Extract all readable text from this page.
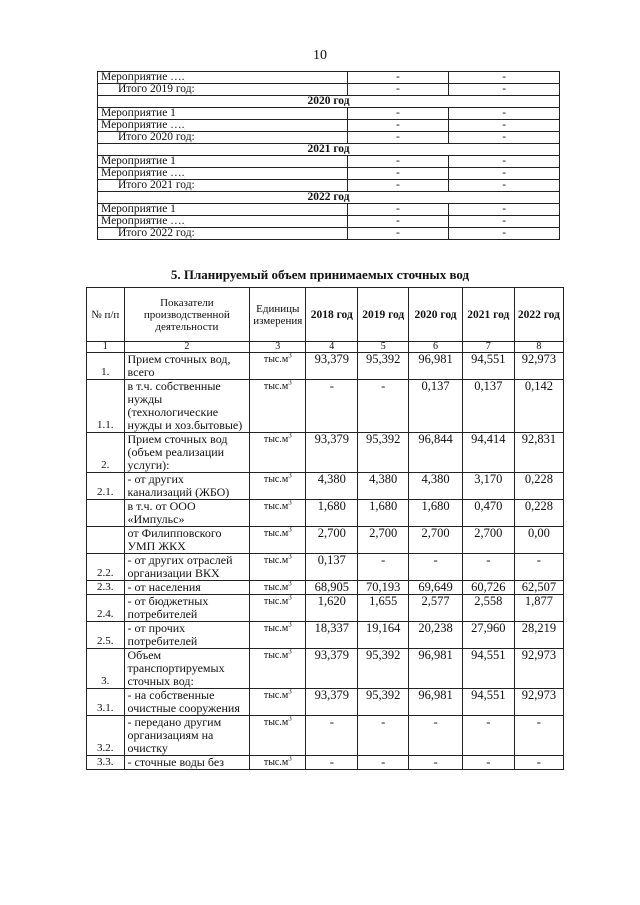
10
Мероприятие ….	-	-
Итого 2019 год:	-	-
2020 год		
Мероприятие 1	-	-
Мероприятие ….	-	-
Итого 2020 год:	-	-
2021 год		
Мероприятие 1	-	-
Мероприятие ….	-	-
Итого 2021 год:	-	-
2022 год		
Мероприятие 1	-	-
Мероприятие ….	-	-
Итого 2022 год:	-	-
5. Планируемый объем принимаемых сточных вод
№ п/п	Показатели производственной деятельности	Единицы измерения	2018 год	2019 год	2020 год	2021 год	2022 год
1	2	3	4	5	6	7	8
1.	Прием сточных вод, всего	$тыс.м^3$	93,379	95,392	96,981	94,551	92,973
1.1.	в т.ч. собственные нужды (технологические нужды и хоз.бытовые)	$тыс.м^3$	-	-	0,137	0,137	0,142
2.	Прием сточных вод (объем реализации услуги):	$тыс.м^3$	93,379	95,392	96,844	94,414	92,831
2.1.	- от других канализаций (ЖБО)	$тыс.м^3$	4,380	4,380	4,380	3,170	0,228
	в т.ч. от ООО «Импульс»	$тыс.м^3$	1,680	1,680	1,680	0,470	0,228
	от Филипповского УМП ЖКХ	$тыс.м^3$	2,700	2,700	2,700	2,700	0,00
2.2.	- от других отраслей организации ВКХ	$тыс.м^3$	0,137	-	-	-	-
2.3.	- от населения	$тыс.м^3$	68,905	70,193	69,649	60,726	62,507
2.4.	- от бюджетных потребителей	$тыс.м^3$	1,620	1,655	2,577	2,558	1,877
2.5.	- от прочих потребителей	$тыс.м^3$	18,337	19,164	20,238	27,960	28,219
3.	Объем транспортируемых сточных вод:	$тыс.м^3$	93,379	95,392	96,981	94,551	92,973
3.1.	- на собственные очистные сооружения	$тыс.м^3$	93,379	95,392	96,981	94,551	92,973
3.2.	- передано другим организациям на очистку	$тыс.м^3$	-	-	-	-	-
3.3.	- сточные воды без	$тыс.м^3$	-	-	-	-	-
